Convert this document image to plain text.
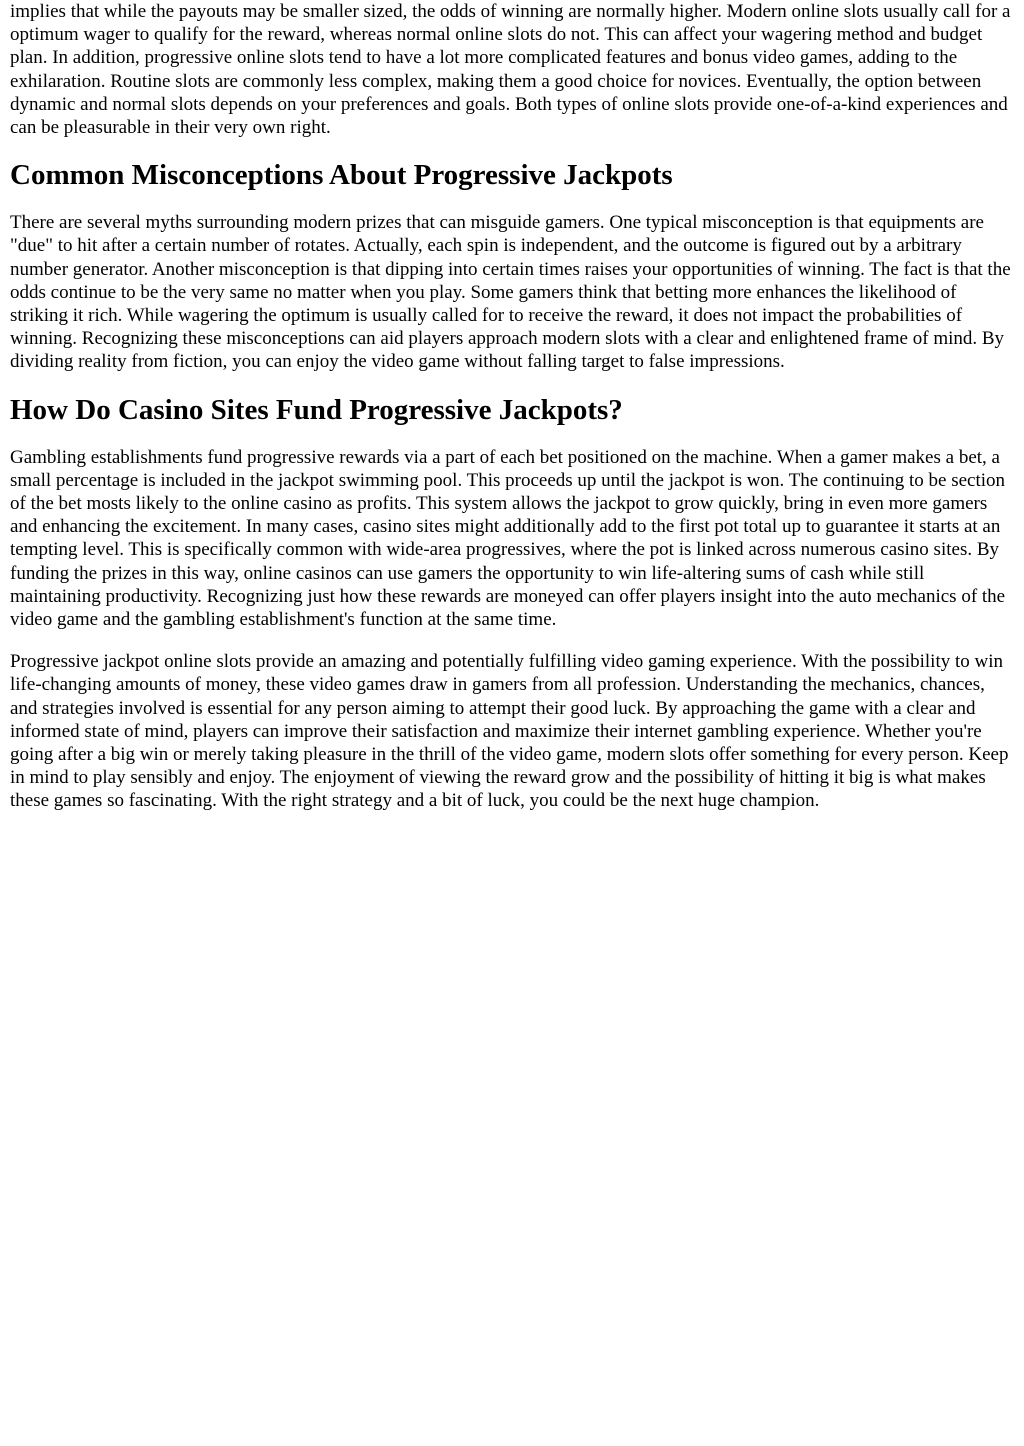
implies that while the payouts may be smaller sized, the odds of winning are normally higher. Modern online slots usually call for a optimum wager to qualify for the reward, whereas normal online slots do not. This can affect your wagering method and budget plan. In addition, progressive online slots tend to have a lot more complicated features and bonus video games, adding to the exhilaration. Routine slots are commonly less complex, making them a good choice for novices. Eventually, the option between dynamic and normal slots depends on your preferences and goals. Both types of online slots provide one-of-a-kind experiences and can be pleasurable in their very own right.

Common Misconceptions About Progressive Jackpots

There are several myths surrounding modern prizes that can misguide gamers. One typical misconception is that equipments are "due" to hit after a certain number of rotates. Actually, each spin is independent, and the outcome is figured out by a arbitrary number generator. Another misconception is that dipping into certain times raises your opportunities of winning. The fact is that the odds continue to be the very same no matter when you play. Some gamers think that betting more enhances the likelihood of striking it rich. While wagering the optimum is usually called for to receive the reward, it does not impact the probabilities of winning. Recognizing these misconceptions can aid players approach modern slots with a clear and enlightened frame of mind. By dividing reality from fiction, you can enjoy the video game without falling target to false impressions.

How Do Casino Sites Fund Progressive Jackpots?

Gambling establishments fund progressive rewards via a part of each bet positioned on the machine. When a gamer makes a bet, a small percentage is included in the jackpot swimming pool. This proceeds up until the jackpot is won. The continuing to be section of the bet mosts likely to the online casino as profits. This system allows the jackpot to grow quickly, bring in even more gamers and enhancing the excitement. In many cases, casino sites might additionally add to the first pot total up to guarantee it starts at an tempting level. This is specifically common with wide-area progressives, where the pot is linked across numerous casino sites. By funding the prizes in this way, online casinos can use gamers the opportunity to win life-altering sums of cash while still maintaining productivity. Recognizing just how these rewards are moneyed can offer players insight into the auto mechanics of the video game and the gambling establishment's function at the same time.

Progressive jackpot online slots provide an amazing and potentially fulfilling video gaming experience. With the possibility to win life-changing amounts of money, these video games draw in gamers from all profession. Understanding the mechanics, chances, and strategies involved is essential for any person aiming to attempt their good luck. By approaching the game with a clear and informed state of mind, players can improve their satisfaction and maximize their internet gambling experience. Whether you're going after a big win or merely taking pleasure in the thrill of the video game, modern slots offer something for every person. Keep in mind to play sensibly and enjoy. The enjoyment of viewing the reward grow and the possibility of hitting it big is what makes these games so fascinating. With the right strategy and a bit of luck, you could be the next huge champion.
